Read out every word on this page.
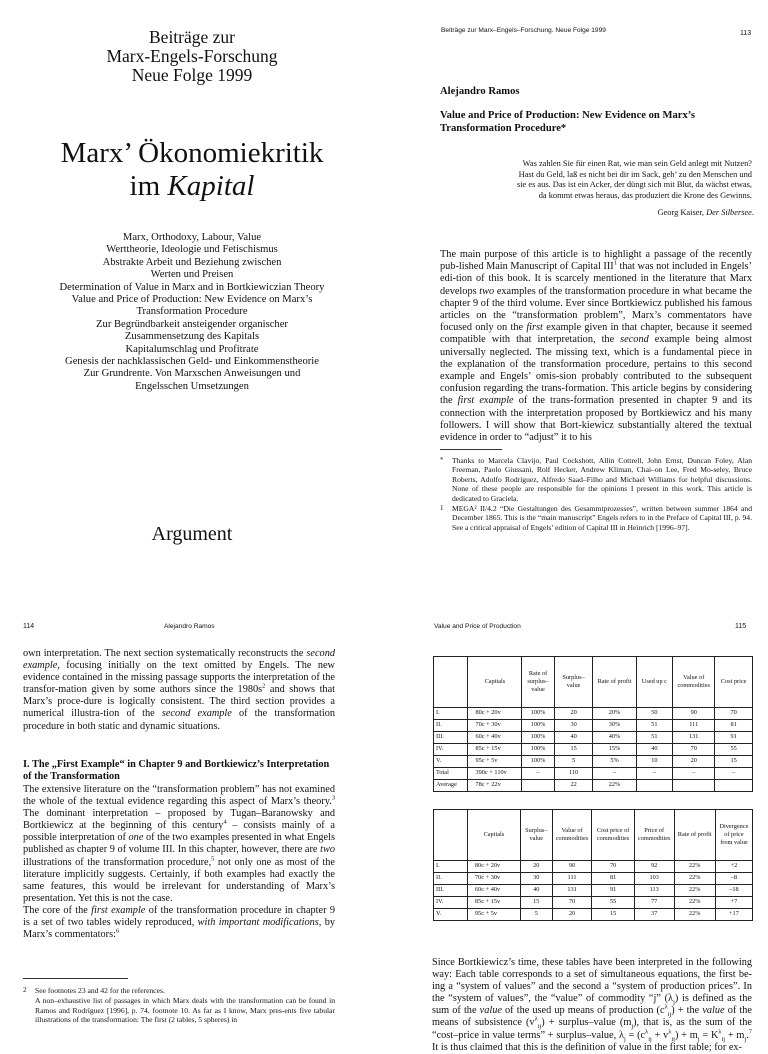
Beiträge zur
Marx-Engels-Forschung
Neue Folge 1999
Marx’ Ökonomiekritik
im Kapital
Marx, Orthodoxy, Labour, Value
Werttheorie, Ideologie und Fetischismus
Abstrakte Arbeit und Beziehung zwischen
Werten und Preisen
Determination of Value in Marx and in Bortkiewiczian Theory
Value and Price of Production: New Evidence on Marx’s
Transformation Procedure
Zur Begründbarkeit ansteigender organischer
Zusammensetzung des Kapitals
Kapitalumschlag und Profitrate
Genesis der nachklassischen Geld- und Einkommenstheorie
Zur Grundrente. Von Marxschen Anweisungen und
Engelsschen Umsetzungen
Argument
Beiträge zur Marx–Engels–Forschung. Neue Folge 1999	113
Alejandro Ramos
Value and Price of Production: New Evidence on Marx’s Transformation Procedure*
Was zahlen Sie für einen Rat, wie man sein Geld anlegt mit Nutzen?
Hast du Geld, laß es nicht bei dir im Sack, geh’ zu den Menschen und
sie es aus. Das ist ein Acker, der düngt sich mit Blut, da wächst etwas,
da kommt etwas heraus, das produziert die Krone des Gewinns.
Georg Kaiser, Der Silbersee.

The main purpose of this article is to highlight a passage of the recently pub-lished Main Manuscript of Capital III$^1$ that was not included in Engels’ edi-tion of this book. It is scarcely mentioned in the literature that Marx develops two examples of the transformation procedure in what became the chapter 9 of the third volume. Ever since Bortkiewicz published his famous articles on the “transformation problem”, Marx’s commentators have focused only on the first example given in that chapter, because it seemed compatible with that interpretation, the second example being almost universally neglected. The missing text, which is a fundamental piece in the explanation of the transformation procedure, pertains to this second example and Engels’ omis-sion probably contributed to the subsequent confusion regarding the trans-formation. This article begins by considering the first example of the trans-formation presented in chapter 9 and its connection with the interpretation proposed by Bortkiewicz and his many followers. I will show that Bort-kiewicz substantially altered the textual evidence in order to “adjust” it to his

* Thanks to Marcela Clavijo, Paul Cockshott, Allin Cottrell, John Ernst, Duncan Foley, Alan Freeman, Paolo Giussani, Rolf Hecker, Andrew Kliman, Chai–on Lee, Fred Mo-seley, Bruce Roberts, Adolfo Rodríguez, Alfredo Saad–Filho and Michael Williams for helpful discussions. None of these people are responsible for the opinions I present in this work. This article is dedicated to Graciela.
1 MEGA² II/4.2 “Die Gestaltungen des Gesammtprozesses”, written between summer 1864 and December 1865. This is the “main manuscript” Engels refers to in the Preface of Capital III, p. 94. See a critical appraisal of Engels’ edition of Capital III in Heinrich [1996–97].
114	Alejandro Ramos

own interpretation. The next section systematically reconstructs the second example, focusing initially on the text omitted by Engels. The new evidence contained in the missing passage supports the interpretation of the transfor-mation given by some authors since the $1980s^2$ and shows that Marx’s proce-dure is logically consistent. The third section provides a numerical illustra-tion of the second example of the transformation procedure in both static and dynamic situations.

I. The „First Example“ in Chapter 9 and Bortkiewicz’s Interpretation of the Transformation

The extensive literature on the “transformation problem” has not examined the whole of the textual evidence regarding this aspect of Marx’s theory.$^3$ The dominant interpretation – proposed by Tugan–Baranowsky and Bortkiewicz at the beginning of this century$^4$ – consists mainly of a possible interpretation of one of the two examples presented in what Engels published as chapter 9 of volume III. In this chapter, however, there are two illustrations of the transformation procedure,$^5$ not only one as most of the literature implicitly suggests. Certainly, if both examples had exactly the same features, this would be irrelevant for understanding of Marx’s presentation. Yet this is not the case.
The core of the first example of the transformation procedure in chapter 9 is a set of two tables widely reproduced, with important modifications, by Marx’s commentators:$^6$

2 See footnotes 23 and 42 for the references.
A non–exhaustive list of passages in which Marx deals with the transformation can be found in Ramos and Rodríguez [1996], p. 74, footnote 10. As far as I know, Marx pres-ents five tabular illustrations of the transformation: The first (2 tables, 5 spheres) in
Value and Price of Production	115
	Capitals	Rate of surplus–value	Surplus–value	Rate of profit	Used up c	Value of commodities	Cost price
I.	80c + 20v	100%	20	20%	50	90	70
II.	70c + 30v	100%	30	30%	51	111	81
III.	60c + 40v	100%	40	40%	51	131	91
IV.	85c + 15v	100%	15	15%	40	70	55
V.	95c + 5v	100%	5	5%	10	20	15
Total	390c + 110v	–	110	–	–	–	–
Average	78c + 22v		22	22%			
	Capitals	Surplus–value	Value of commodities	Cost price of commodities	Price of commodities	Rate of profit	Divergence of price from value
I.	80c + 20v	20	90	70	92	22%	+2
II.	70c + 30v	30	111	81	103	22%	–8
III.	60c + 40v	40	131	91	113	22%	–18
IV.	85c + 15v	15	70	55	77	22%	+7
V.	95c + 5v	5	20	15	37	22%	+17

Since Bortkiewicz’s time, these tables have been interpreted in the following way: Each table corresponds to a set of simultaneous equations, the first be-ing a “system of values” and the second a “system of production prices”. In the “system of values”, the “value” of commodity “j” $(\lambda_j)$ is defined as the sum of the value of the used up means of production $(c^\lambda_{ij})$ + the value of the means of subsistence $(v^\lambda_{ij})$ + surplus–value $(m_j)$, that is, as the sum of the “cost–price in value terms” + surplus–value, $\lambda_j = (c^\lambda_{ij} + v^\lambda_{ij}) + m_j = K^\lambda_{ij} + m_j.^7$ It is thus claimed that this is the definition of value in the first table; for ex-
